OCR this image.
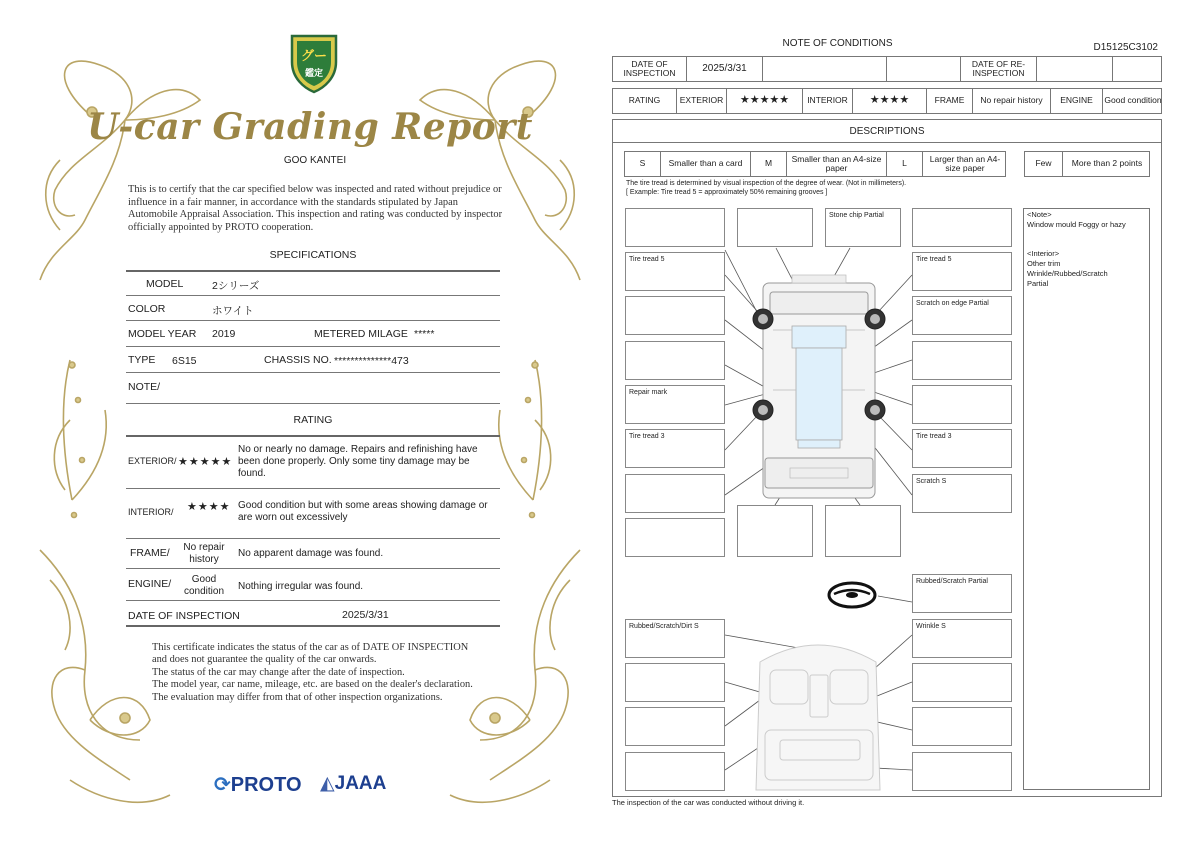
グー
鑑定
U-car Grading Report
GOO KANTEI
This is to certify that the car specified below was inspected and rated without prejudice or influence in a fair manner, in accordance with the standards stipulated by Japan Automobile Appraisal Association. This inspection and rating was conducted by inspector officially appointed by PROTO cooperation.
SPECIFICATIONS
MODEL	2シリーズ
COLOR	ホワイト
MODEL YEAR 2019	METERED MILAGE *****
TYPE 6S15	CHASSIS NO. **************473
NOTE/
RATING
EXTERIOR/ ★★★★★
No or nearly no damage. Repairs and refinishing have been done properly. Only some tiny damage may be found.
INTERIOR/ ★★★★ Good condition but with some areas showing damage or are worn out excessively
FRAME/	No repair history
No apparent damage was found.
ENGINE/	Good condition	Nothing irregular was found.
DATE OF INSPECTION	2025/3/31
This certificate indicates the status of the car as of DATE OF INSPECTION and does not guarantee the quality of the car onwards.
The status of the car may change after the date of inspection.
The model year, car name, mileage, etc. are based on the dealer's declaration.
The evaluation may differ from that of other inspection organizations.
⟳PROTO ◭JAAA
NOTE OF CONDITIONS	D15125C3102
DATE OF INSPECTION	2025/3/31	DATE OF RE-INSPECTION
RATING	EXTERIOR	★★★★★	INTERIOR	★★★★	FRAME	No repair history	ENGINE	Good condition
DESCRIPTIONS
S	Smaller than a card	M	Smaller than an A4-size paper	L	Larger than an A4-size paper	Few	More than 2 points
The tire tread is determined by visual inspection of the degree of wear. (Not in millimeters).
[ Example: Tire tread 5 = approximately 50% remaining grooves ]
Tire tread 5
Repair mark
Tire tread 3
Stone chip Partial
Tire tread 5
Scratch on edge Partial
Tire tread 3
Scratch S
Rubbed/Scratch Partial
Rubbed/Scratch/Dirt S	Wrinkle S
<Note>
Window mould Foggy or hazy
<Interior>
Other trim
Wrinkle/Rubbed/Scratch
Partial
The inspection of the car was conducted without driving it.
